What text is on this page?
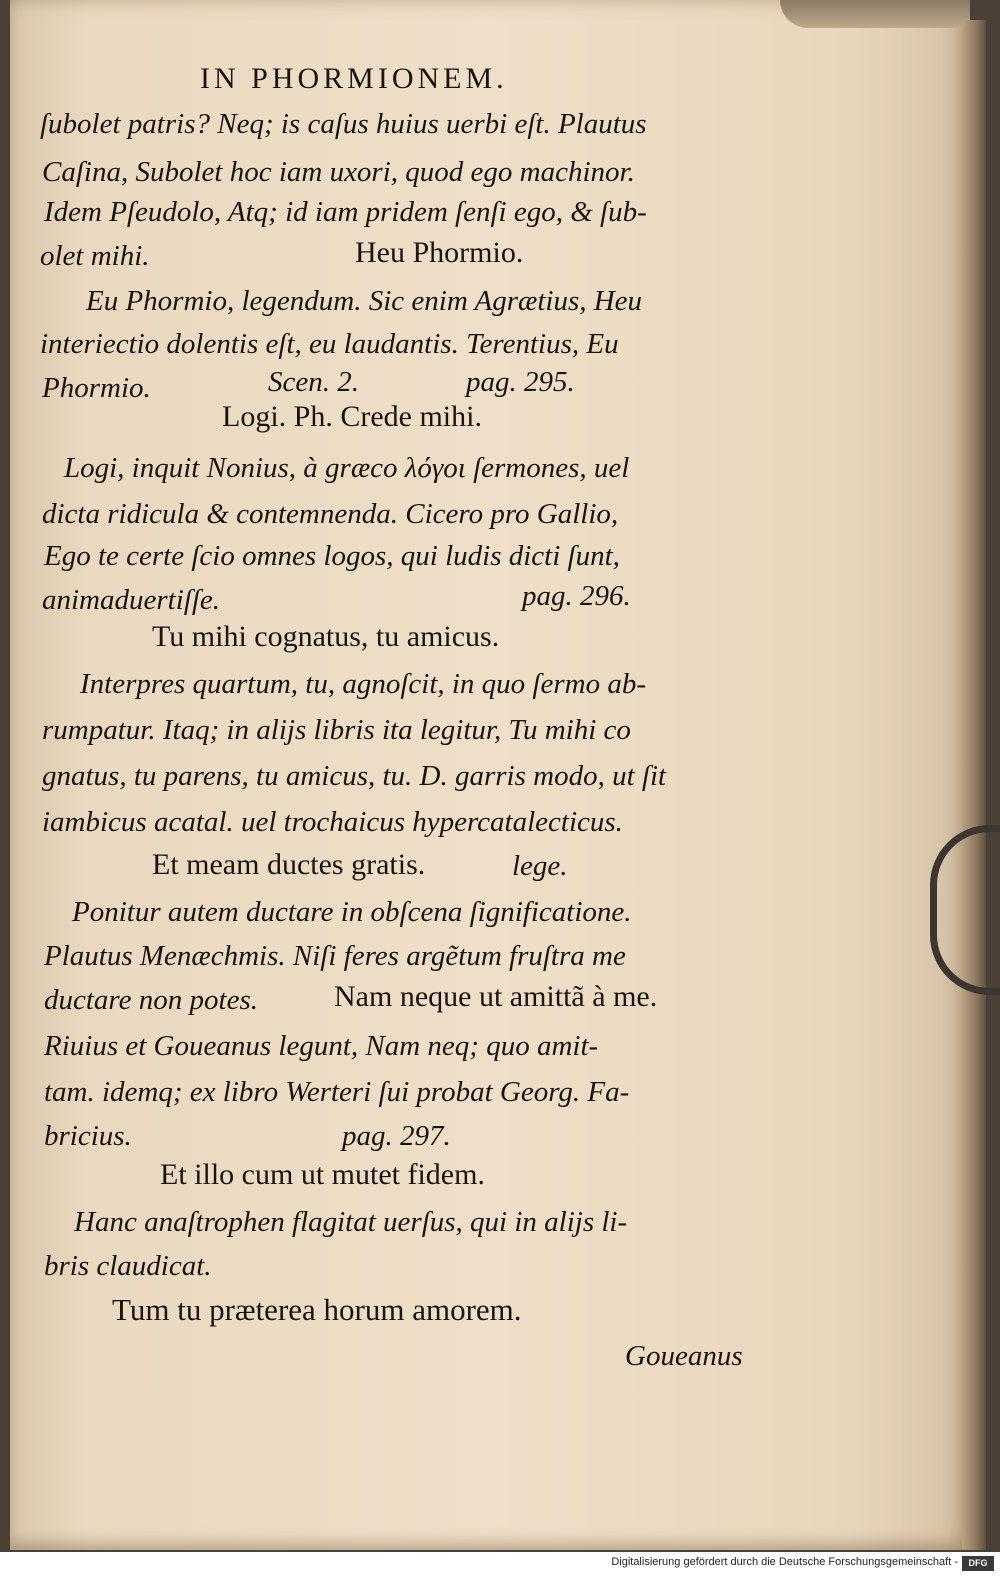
IN PHORMIONEM.
ſubolet patris? Neq; is caſus huius uerbi eſt. Plautus
Caſina, Subolet hoc iam uxori, quod ego machinor.
Idem Pſeudolo, Atq; id iam pridem ſenſi ego, & ſub-
olet mihi.	Heu Phormio.
Eu Phormio, legendum. Sic enim Agrætius, Heu
interiectio dolentis eſt, eu laudantis. Terentius, Eu
Phormio.	Scen. 2.	pag. 295.
Logi. Ph. Crede mihi.
Logi, inquit Nonius, à græco λόγοι ſermones, uel
dicta ridicula & contemnenda. Cicero pro Gallio,
Ego te certe ſcio omnes logos, qui ludis dicti ſunt,
animaduertiſſe.	pag. 296.
Tu mihi cognatus, tu amicus.
Interpres quartum, tu, agnoſcit, in quo ſermo ab-
rumpatur. Itaq; in alijs libris ita legitur, Tu mihi co
gnatus, tu parens, tu amicus, tu. D. garris modo, ut ſit
iambicus acatal. uel trochaicus hypercatalecticus.
Et meam ductes gratis.	lege.
Ponitur autem ductare in obſcena ſignificatione.
Plautus Menæchmis. Niſi feres argẽtum fruſtra me
ductare non potes.	Nam neque ut amittã à me.
Riuius et Goueanus legunt, Nam neq; quo amit-
tam. idemq; ex libro Werteri ſui probat Georg. Fa-
bricius.	pag. 297.
Et illo cum ut mutet fidem.
Hanc anaſtrophen flagitat uerſus, qui in alijs li-
bris claudicat.
Tum tu præterea horum amorem.
Goueanus
Digitalisierung gefördert durch die Deutsche Forschungsgemeinschaft -	DFG
